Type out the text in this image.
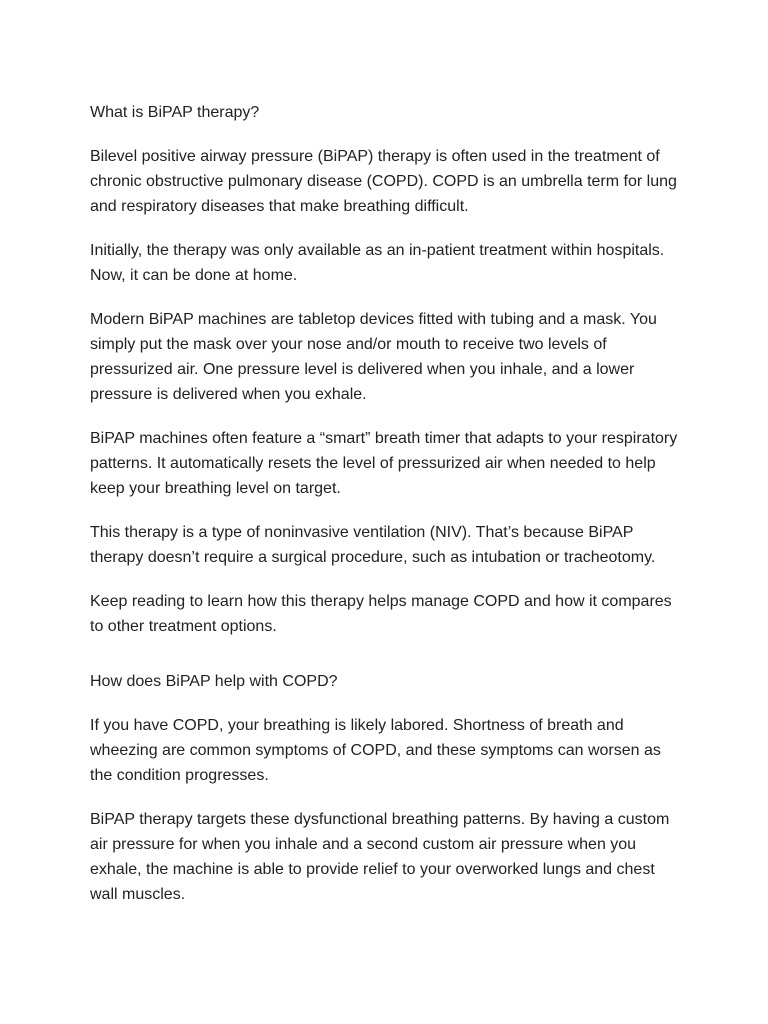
What is BiPAP therapy?

Bilevel positive airway pressure (BiPAP) therapy is often used in the treatment of chronic obstructive pulmonary disease (COPD). COPD is an umbrella term for lung and respiratory diseases that make breathing difficult.

Initially, the therapy was only available as an in-patient treatment within hospitals. Now, it can be done at home.

Modern BiPAP machines are tabletop devices fitted with tubing and a mask. You simply put the mask over your nose and/or mouth to receive two levels of pressurized air. One pressure level is delivered when you inhale, and a lower pressure is delivered when you exhale.

BiPAP machines often feature a “smart” breath timer that adapts to your respiratory patterns. It automatically resets the level of pressurized air when needed to help keep your breathing level on target.

This therapy is a type of noninvasive ventilation (NIV). That’s because BiPAP therapy doesn’t require a surgical procedure, such as intubation or tracheotomy.

Keep reading to learn how this therapy helps manage COPD and how it compares to other treatment options.

How does BiPAP help with COPD?

If you have COPD, your breathing is likely labored. Shortness of breath and wheezing are common symptoms of COPD, and these symptoms can worsen as the condition progresses.

BiPAP therapy targets these dysfunctional breathing patterns. By having a custom air pressure for when you inhale and a second custom air pressure when you exhale, the machine is able to provide relief to your overworked lungs and chest wall muscles.
